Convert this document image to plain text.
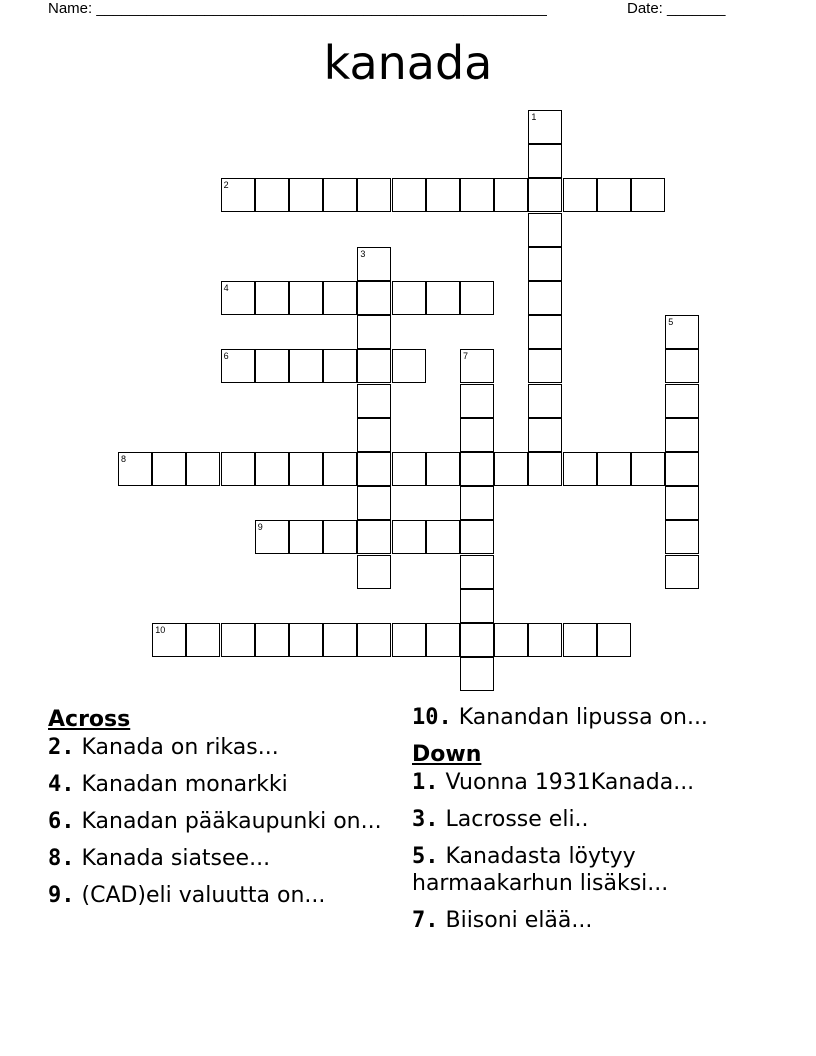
Name: ______________________________________________________	Date: _______
kanada
2
4
6
8
9
10
1
3
5
7
Across
2. Kanada on rikas...
4. Kanadan monarkki
6. Kanadan pääkaupunki on...
8. Kanada siatsee...
9. (CAD)eli valuutta on...
10. Kanandan lipussa on...
Down
1. Vuonna 1931Kanada...
3. Lacrosse eli..
5. Kanadasta löytyy harmaakarhun lisäksi...
7. Biisoni elää...
